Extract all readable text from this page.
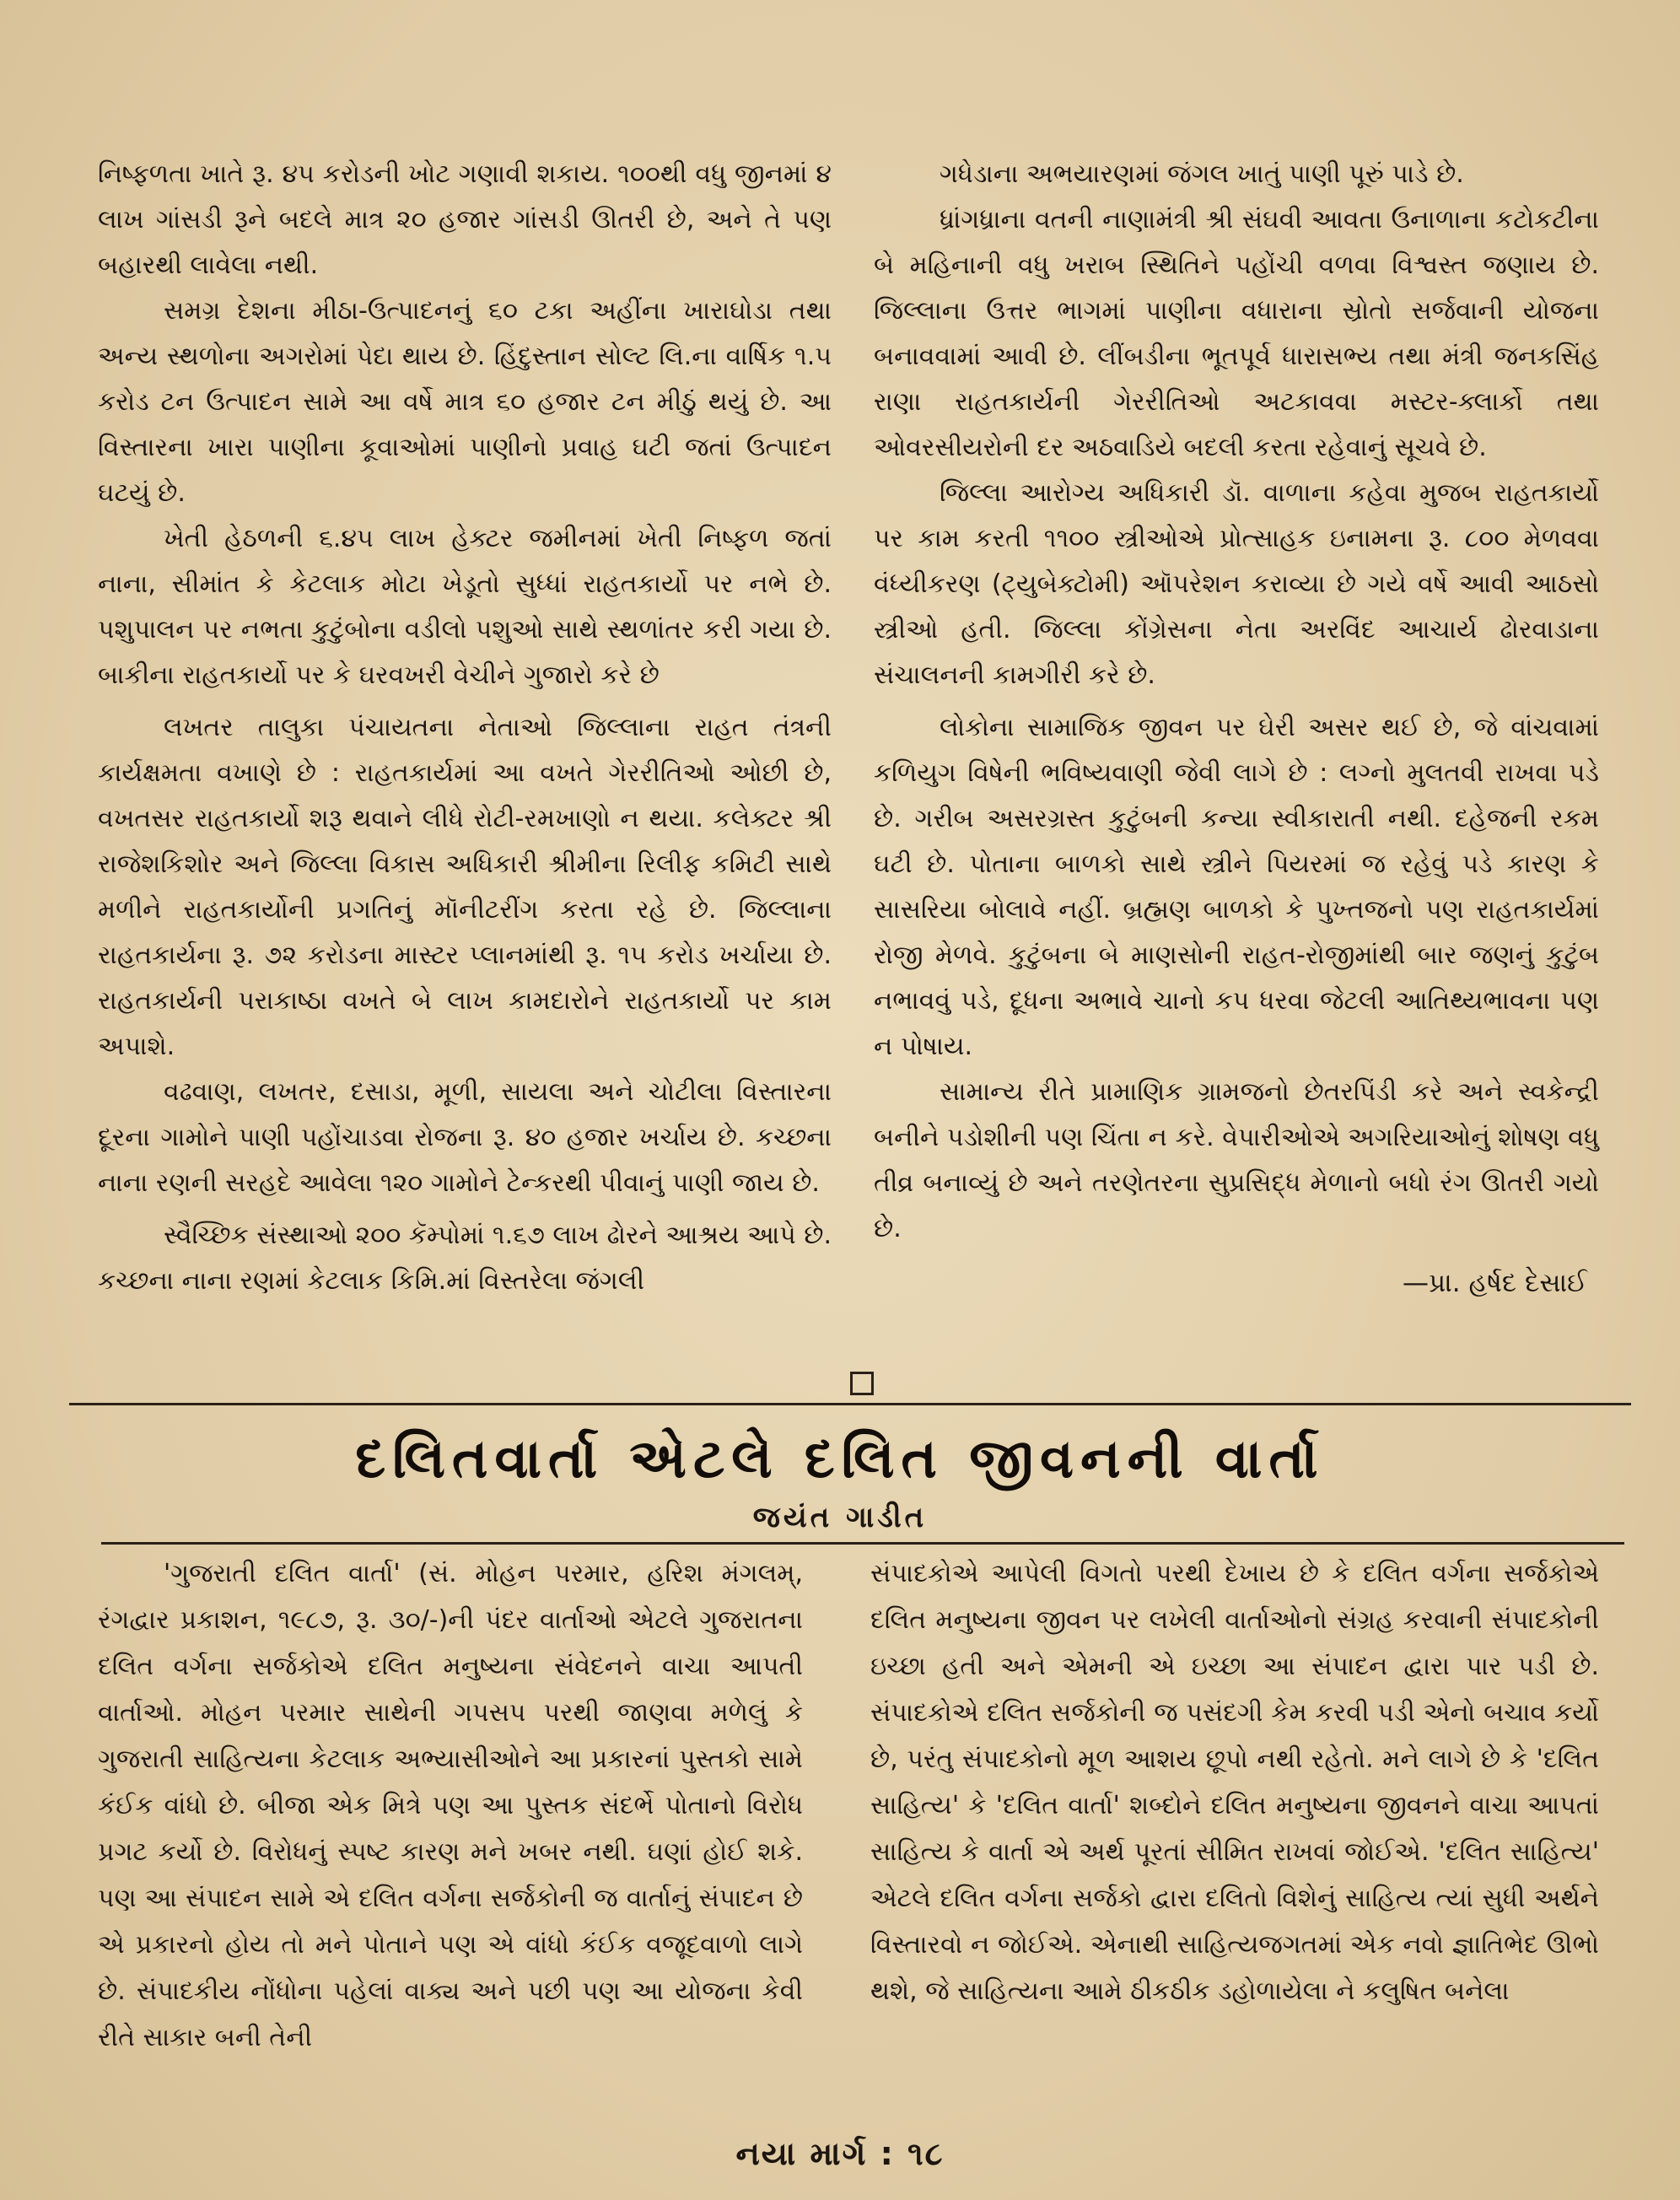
નિષ્ફળતા ખાતે રૂ. ૪૫ કરોડની ખોટ ગણાવી શકાય. ૧૦૦થી વધુ જીનમાં ૪ લાખ ગાંસડી રૂને બદલે માત્ર ૨૦ હજાર ગાંસડી ઊતરી છે, અને તે પણ બહારથી લાવેલા નથી.

સમગ્ર દેશના મીઠા-ઉત્પાદનનું ૬૦ ટકા અહીંના ખારાઘોડા તથા અન્ય સ્થળોના અગરોમાં પેદા થાય છે. હિંદુસ્તાન સોલ્ટ લિ.ના વાર્ષિક ૧.૫ કરોડ ટન ઉત્પાદન સામે આ વર્ષે માત્ર ૬૦ હજાર ટન મીઠું થયું છે. આ વિસ્તારના ખારા પાણીના કૂવાઓમાં પાણીનો પ્રવાહ ઘટી જતાં ઉત્પાદન ઘટયું છે.

ખેતી હેઠળની ૬.૪૫ લાખ હેક્ટર જમીનમાં ખેતી નિષ્ફળ જતાં નાના, સીમાંત કે કેટલાક મોટા ખેડૂતો સુધ્ધાં રાહતકાર્યો પર નભે છે. પશુપાલન પર નભતા કુટુંબોના વડીલો પશુઓ સાથે સ્થળાંતર કરી ગયા છે. બાકીના રાહતકાર્યો પર કે ઘરવખરી વેચીને ગુજારો કરે છે

લખતર તાલુકા પંચાયતના નેતાઓ જિલ્લાના રાહત તંત્રની કાર્યક્ષમતા વખાણે છે : રાહતકાર્યમાં આ વખતે ગેરરીતિઓ ઓછી છે, વખતસર રાહતકાર્યો શરૂ થવાને લીધે રોટી-રમખાણો ન થયા. કલેક્ટર શ્રી રાજેશકિશોર અને જિલ્લા વિકાસ અધિકારી શ્રીમીના રિલીફ કમિટી સાથે મળીને રાહતકાર્યોની પ્રગતિનું મૉનીટરીંગ કરતા રહે છે. જિલ્લાના રાહતકાર્યના રૂ. ૭૨ કરોડના માસ્ટર પ્લાનમાંથી રૂ. ૧૫ કરોડ ખર્ચાયા છે. રાહતકાર્યની પરાકાષ્ઠા વખતે બે લાખ કામદારોને રાહતકાર્યો પર કામ અપાશે.

વઢવાણ, લખતર, દસાડા, મૂળી, સાયલા અને ચોટીલા વિસ્તારના દૂરના ગામોને પાણી પહોંચાડવા રોજના રૂ. ૪૦ હજાર ખર્ચાય છે. કચ્છના નાના રણની સરહદે આવેલા ૧૨૦ ગામોને ટેન્કરથી પીવાનું પાણી જાય છે.

સ્વૈચ્છિક સંસ્થાઓ ૨૦૦ કૅમ્પોમાં ૧.૬૭ લાખ ઢોરને આશ્રય આપે છે. કચ્છના નાના રણમાં કેટલાક કિમિ.માં વિસ્તરેલા જંગલી

ગધેડાના અભયારણમાં જંગલ ખાતું પાણી પૂરું પાડે છે.

ધ્રાંગધ્રાના વતની નાણામંત્રી શ્રી સંઘવી આવતા ઉનાળાના કટોકટીના બે મહિનાની વધુ ખરાબ સ્થિતિને પહોંચી વળવા વિશ્વસ્ત જણાય છે. જિલ્લાના ઉત્તર ભાગમાં પાણીના વધારાના સ્રોતો સર્જવાની યોજના બનાવવામાં આવી છે. લીંબડીના ભૂતપૂર્વ ધારાસભ્ય તથા મંત્રી જનકસિંહ રાણા રાહતકાર્યની ગેરરીતિઓ અટકાવવા મસ્ટર-ક્લાર્કો તથા ઓવરસીયરોની દર અઠવાડિયે બદલી કરતા રહેવાનું સૂચવે છે.

જિલ્લા આરોગ્ય અધિકારી ડૉ. વાળાના કહેવા મુજબ રાહતકાર્યો પર કામ કરતી ૧૧૦૦ સ્ત્રીઓએ પ્રોત્સાહક ઇનામના રૂ. ૮૦૦ મેળવવા વંધ્યીકરણ (ટ્યુબેક્ટોમી) ઑપરેશન કરાવ્યા છે ગયે વર્ષે આવી આઠસો સ્ત્રીઓ હતી. જિલ્લા કોંગ્રેસના નેતા અરવિંદ આચાર્ય ઢોરવાડાના સંચાલનની કામગીરી કરે છે.

લોકોના સામાજિક જીવન પર ઘેરી અસર થઈ છે, જે વાંચવામાં કળિયુગ વિષેની ભવિષ્યવાણી જેવી લાગે છે : લગ્નો મુલતવી રાખવા પડે છે. ગરીબ અસરગ્રસ્ત કુટુંબની કન્યા સ્વીકારાતી નથી. દહેજની રકમ ઘટી છે. પોતાના બાળકો સાથે સ્ત્રીને પિયરમાં જ રહેવું પડે કારણ કે સાસરિયા બોલાવે નહીં. બ્રહ્મણ બાળકો કે પુખ્તજનો પણ રાહતકાર્યમાં રોજી મેળવે. કુટુંબના બે માણસોની રાહત-રોજીમાંથી બાર જણનું કુટુંબ નભાવવું પડે, દૂધના અભાવે ચાનો કપ ધરવા જેટલી આતિથ્યભાવના પણ ન પોષાય.

સામાન્ય રીતે પ્રામાણિક ગ્રામજનો છેતરપિંડી કરે અને સ્વકેન્દ્રી બનીને પડોશીની પણ ચિંતા ન કરે. વેપારીઓએ અગરિયાઓનું શોષણ વધુ તીવ્ર બનાવ્યું છે અને તરણેતરના સુપ્રસિદ્ધ મેળાનો બધો રંગ ઊતરી ગયો છે.

—પ્રા. હર્ષદ દેસાઈ
દલિતવાર્તા એટલે દલિત જીવનની વાર્તા
જયંત ગાડીત

'ગુજરાતી દલિત વાર્તા' (સં. મોહન પરમાર, હરિશ મંગલમ્, રંગદ્વાર પ્રકાશન, ૧૯૮૭, રૂ. ૩૦/-)ની પંદર વાર્તાઓ એટલે ગુજરાતના દલિત વર્ગના સર્જકોએ દલિત મનુષ્યના સંવેદનને વાચા આપતી વાર્તાઓ. મોહન પરમાર સાથેની ગપસપ પરથી જાણવા મળેલું કે ગુજરાતી સાહિત્યના કેટલાક અભ્યાસીઓને આ પ્રકારનાં પુસ્તકો સામે કંઈક વાંધો છે. બીજા એક મિત્રે પણ આ પુસ્તક સંદર્ભે પોતાનો વિરોધ પ્રગટ કર્યો છે. વિરોધનું સ્પષ્ટ કારણ મને ખબર નથી. ઘણાં હોઈ શકે. પણ આ સંપાદન સામે એ દલિત વર્ગના સર્જકોની જ વાર્તાનું સંપાદન છે એ પ્રકારનો હોય તો મને પોતાને પણ એ વાંધો કંઈક વજૂદવાળો લાગે છે. સંપાદકીય નોંધોના પહેલાં વાક્ય અને પછી પણ આ યોજના કેવી રીતે સાકાર બની તેની

સંપાદકોએ આપેલી વિગતો પરથી દેખાય છે કે દલિત વર્ગના સર્જકોએ દલિત મનુષ્યના જીવન પર લખેલી વાર્તાઓનો સંગ્રહ કરવાની સંપાદકોની ઇચ્છા હતી અને એમની એ ઇચ્છા આ સંપાદન દ્વારા પાર પડી છે. સંપાદકોએ દલિત સર્જકોની જ પસંદગી કેમ કરવી પડી એનો બચાવ કર્યો છે, પરંતુ સંપાદકોનો મૂળ આશય છૂપો નથી રહેતો. મને લાગે છે કે 'દલિત સાહિત્ય' કે 'દલિત વાર્તા' શબ્દોને દલિત મનુષ્યના જીવનને વાચા આપતાં સાહિત્ય કે વાર્તા એ અર્થ પૂરતાં સીમિત રાખવાં જોઈએ. 'દલિત સાહિત્ય' એટલે દલિત વર્ગના સર્જકો દ્વારા દલિતો વિશેનું સાહિત્ય ત્યાં સુધી અર્થને વિસ્તારવો ન જોઈએ. એનાથી સાહિત્યજગતમાં એક નવો જ્ઞાતિભેદ ઊભો થશે, જે સાહિત્યના આમે ઠીકઠીક ડહોળાયેલા ને કલુષિત બનેલા

નયા માર્ગ : ૧૮
